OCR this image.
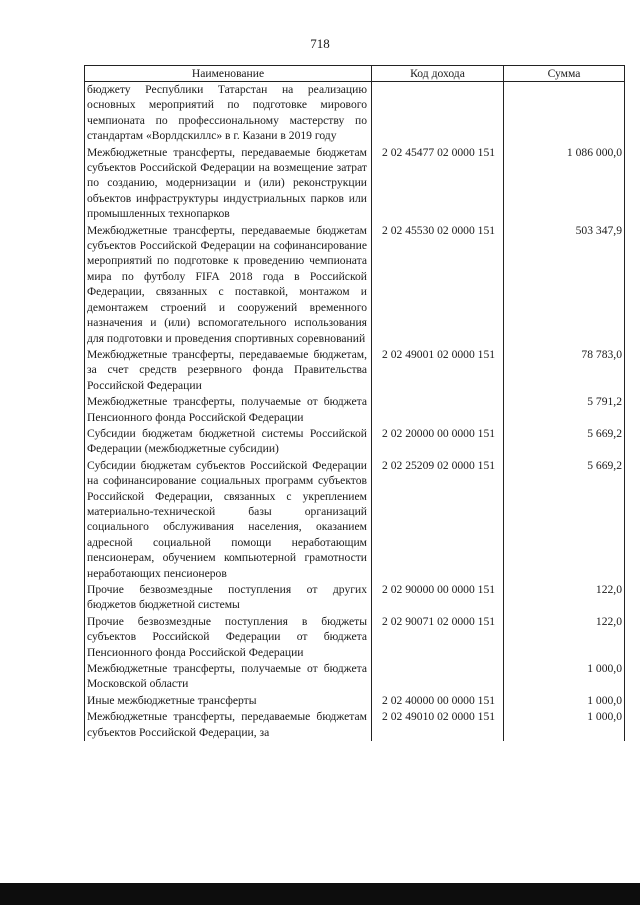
718
Наименование	Код дохода	Сумма
бюджету Республики Татарстан на реализацию основных мероприятий по подготовке мирового чемпионата по профессиональному мастерству по стандартам «Ворлдскиллс» в г. Казани в 2019 году		
Межбюджетные трансферты, передаваемые бюджетам субъектов Российской Федерации на возмещение затрат по созданию, модернизации и (или) реконструкции объектов инфраструктуры индустриальных парков или промышленных технопарков	2 02 45477 02 0000 151	1 086 000,0
Межбюджетные трансферты, передаваемые бюджетам субъектов Российской Федерации на софинансирование мероприятий по подготовке к проведению чемпионата мира по футболу FIFA 2018 года в Российской Федерации, связанных с поставкой, монтажом и демонтажем строений и сооружений временного назначения и (или) вспомогательного использования для подготовки и проведения спортивных соревнований	2 02 45530 02 0000 151	503 347,9
Межбюджетные трансферты, передаваемые бюджетам, за счет средств резервного фонда Правительства Российской Федерации	2 02 49001 02 0000 151	78 783,0
Межбюджетные трансферты, получаемые от бюджета Пенсионного фонда Российской Федерации		5 791,2
Субсидии бюджетам бюджетной системы Российской Федерации (межбюджетные субсидии)	2 02 20000 00 0000 151	5 669,2
Субсидии бюджетам субъектов Российской Федерации на софинансирование социальных программ субъектов Российской Федерации, связанных с укреплением материально-технической базы организаций социального обслуживания населения, оказанием адресной социальной помощи неработающим пенсионерам, обучением компьютерной грамотности неработающих пенсионеров	2 02 25209 02 0000 151	5 669,2
Прочие безвозмездные поступления от других бюджетов бюджетной системы	2 02 90000 00 0000 151	122,0
Прочие безвозмездные поступления в бюджеты субъектов Российской Федерации от бюджета Пенсионного фонда Российской Федерации	2 02 90071 02 0000 151	122,0
Межбюджетные трансферты, получаемые от бюджета Московской области		1 000,0
Иные межбюджетные трансферты	2 02 40000 00 0000 151	1 000,0
Межбюджетные трансферты, передаваемые бюджетам субъектов Российской Федерации, за	2 02 49010 02 0000 151	1 000,0
